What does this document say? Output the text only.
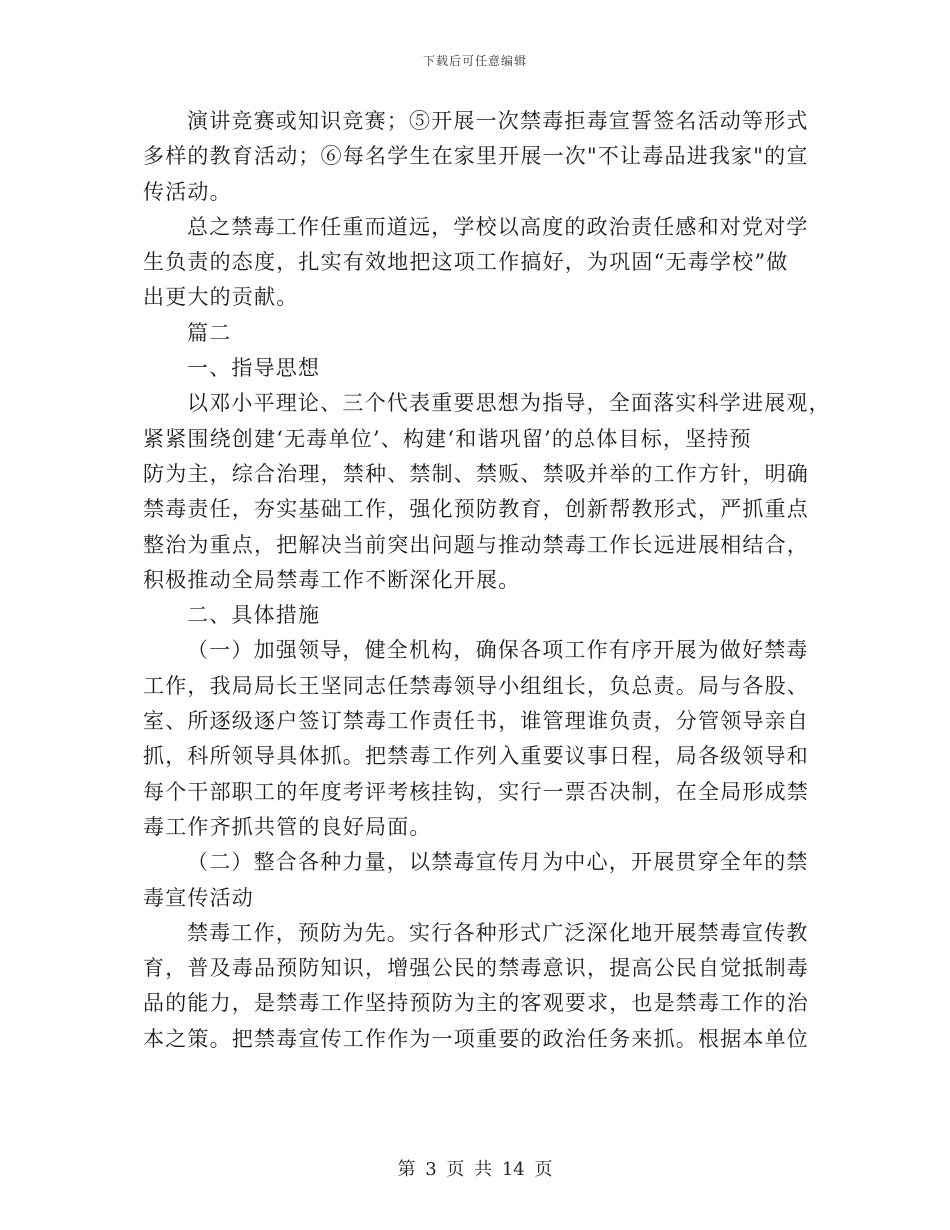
下载后可任意编辑
演讲竞赛或知识竞赛；⑤开展一次禁毒拒毒宣誓签名活动等形式
多样的教育活动；⑥每名学生在家里开展一次"不让毒品进我家"的宣
传活动。
总之禁毒工作任重而道远，学校以高度的政治责任感和对党对学
生负责的态度，扎实有效地把这项工作搞好，为巩固“无毒学校”做
出更大的贡献。
篇二
一、指导思想
以邓小平理论、三个代表重要思想为指导，全面落实科学进展观，
紧紧围绕创建‘无毒单位’、构建‘和谐巩留’的总体目标，坚持预
防为主，综合治理，禁种、禁制、禁贩、禁吸并举的工作方针，明确
禁毒责任，夯实基础工作，强化预防教育，创新帮教形式，严抓重点
整治为重点，把解决当前突出问题与推动禁毒工作长远进展相结合，
积极推动全局禁毒工作不断深化开展。
二、具体措施
（一）加强领导，健全机构，确保各项工作有序开展为做好禁毒
工作，我局局长王坚同志任禁毒领导小组组长，负总责。局与各股、
室、所逐级逐户签订禁毒工作责任书，谁管理谁负责，分管领导亲自
抓，科所领导具体抓。把禁毒工作列入重要议事日程，局各级领导和
每个干部职工的年度考评考核挂钩，实行一票否决制，在全局形成禁
毒工作齐抓共管的良好局面。
（二）整合各种力量，以禁毒宣传月为中心，开展贯穿全年的禁
毒宣传活动
禁毒工作，预防为先。实行各种形式广泛深化地开展禁毒宣传教
育，普及毒品预防知识，增强公民的禁毒意识，提高公民自觉抵制毒
品的能力，是禁毒工作坚持预防为主的客观要求，也是禁毒工作的治
本之策。把禁毒宣传工作作为一项重要的政治任务来抓。根据本单位
第 3 页 共 14 页
